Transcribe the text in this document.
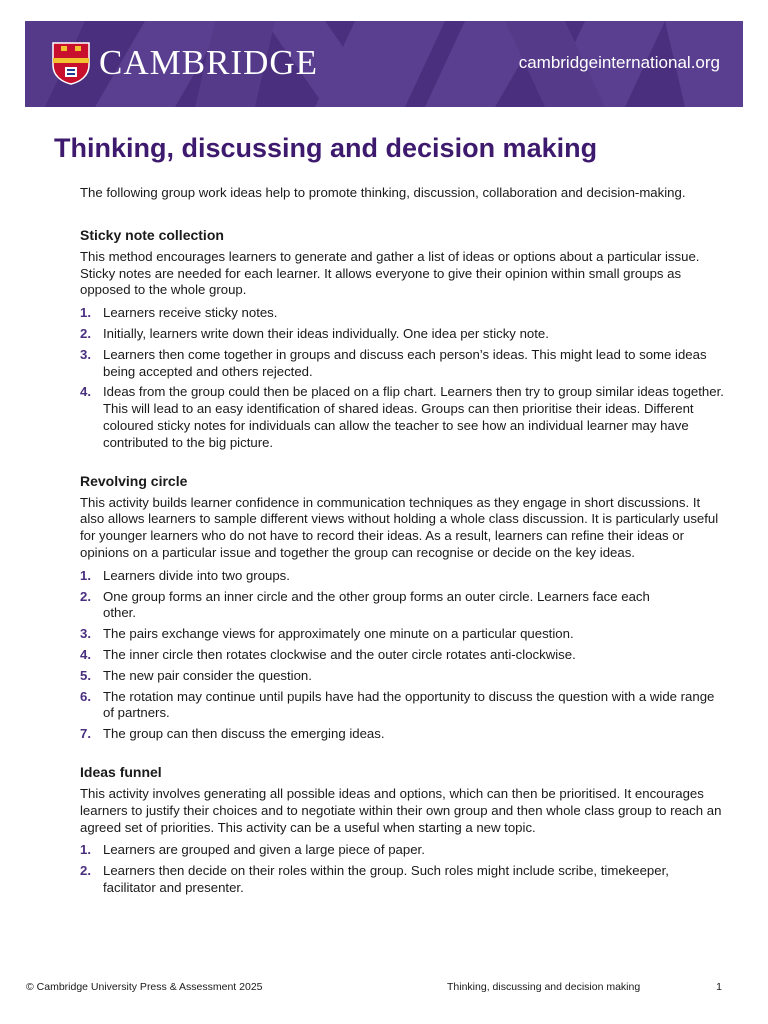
CAMBRIDGE	cambridgeinternational.org
Thinking, discussing and decision making

The following group work ideas help to promote thinking, discussion, collaboration and decision-making.

Sticky note collection

This method encourages learners to generate and gather a list of ideas or options about a particular issue. Sticky notes are needed for each learner. It allows everyone to give their opinion within small groups as opposed to the whole group.

1. Learners receive sticky notes.
2. Initially, learners write down their ideas individually. One idea per sticky note.
3. Learners then come together in groups and discuss each person’s ideas. This might lead to some ideas being accepted and others rejected.
4. Ideas from the group could then be placed on a flip chart. Learners then try to group similar ideas together. This will lead to an easy identification of shared ideas. Groups can then prioritise their ideas. Different coloured sticky notes for individuals can allow the teacher to see how an individual learner may have contributed to the big picture.
Revolving circle

This activity builds learner confidence in communication techniques as they engage in short discussions. It also allows learners to sample different views without holding a whole class discussion. It is particularly useful for younger learners who do not have to record their ideas. As a result, learners can refine their ideas or opinions on a particular issue and together the group can recognise or decide on the key ideas.

1. Learners divide into two groups.
2. One group forms an inner circle and the other group forms an outer circle. Learners face each other.
3. The pairs exchange views for approximately one minute on a particular question.
4. The inner circle then rotates clockwise and the outer circle rotates anti-clockwise.
5. The new pair consider the question.
6. The rotation may continue until pupils have had the opportunity to discuss the question with a wide range of partners.
7. The group can then discuss the emerging ideas.
Ideas funnel

This activity involves generating all possible ideas and options, which can then be prioritised. It encourages learners to justify their choices and to negotiate within their own group and then whole class group to reach an agreed set of priorities. This activity can be a useful when starting a new topic.

1. Learners are grouped and given a large piece of paper.
2. Learners then decide on their roles within the group. Such roles might include scribe, timekeeper, facilitator and presenter.
© Cambridge University Press & Assessment 2025	Thinking, discussing and decision making	1
